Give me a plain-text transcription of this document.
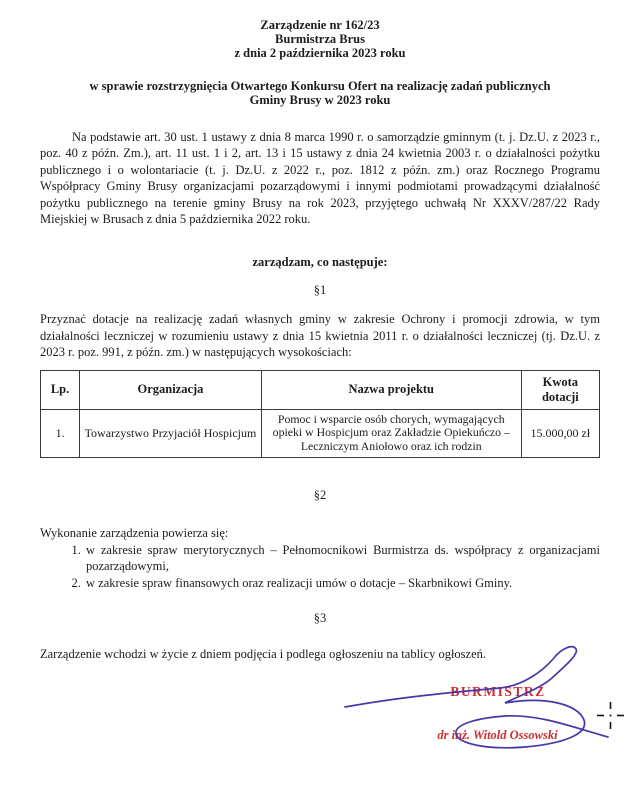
Zarządzenie nr 162/23
Burmistrza Brus
z dnia 2 października 2023 roku
w sprawie rozstrzygnięcia Otwartego Konkursu Ofert na realizację zadań publicznych
Gminy Brusy w 2023 roku

Na podstawie art. 30 ust. 1 ustawy z dnia 8 marca 1990 r. o samorządzie gminnym (t. j. Dz.U. z 2023 r., poz. 40 z późn. Zm.), art. 11 ust. 1 i 2, art. 13 i 15 ustawy z dnia 24 kwietnia 2003 r. o działalności pożytku publicznego i o wolontariacie (t. j. Dz.U. z 2022 r., poz. 1812 z późn. zm.) oraz Rocznego Programu Współpracy Gminy Brusy organizacjami pozarządowymi i innymi podmiotami prowadzącymi działalność pożytku publicznego na terenie gminy Brusy na rok 2023, przyjętego uchwałą Nr XXXV/287/22 Rady Miejskiej w Brusach z dnia 5 października 2022 roku.

zarządzam, co następuje:

§1

Przyznać dotacje na realizację zadań własnych gminy w zakresie Ochrony i promocji zdrowia, w tym działalności leczniczej w rozumieniu ustawy z dnia 15 kwietnia 2011 r. o działalności leczniczej (tj. Dz.U. z 2023 r. poz. 991, z późn. zm.) w następujących wysokościach:

Lp.	Organizacja	Nazwa projektu	Kwota dotacji
1.	Towarzystwo Przyjaciół Hospicjum	Pomoc i wsparcie osób chorych, wymagających opieki w Hospicjum oraz Zakładzie Opiekuńczo – Leczniczym Aniołowo oraz ich rodzin	15.000,00 zł
§2

Wykonanie zarządzenia powierza się:

1. w zakresie spraw merytorycznych – Pełnomocnikowi Burmistrza ds. współpracy z organizacjami pozarządowymi,
2. w zakresie spraw finansowych oraz realizacji umów o dotacje – Skarbnikowi Gminy.
§3

Zarządzenie wchodzi w życie z dniem podjęcia i podlega ogłoszeniu na tablicy ogłoszeń.

BURMISTRZ
dr inż. Witold Ossowski
